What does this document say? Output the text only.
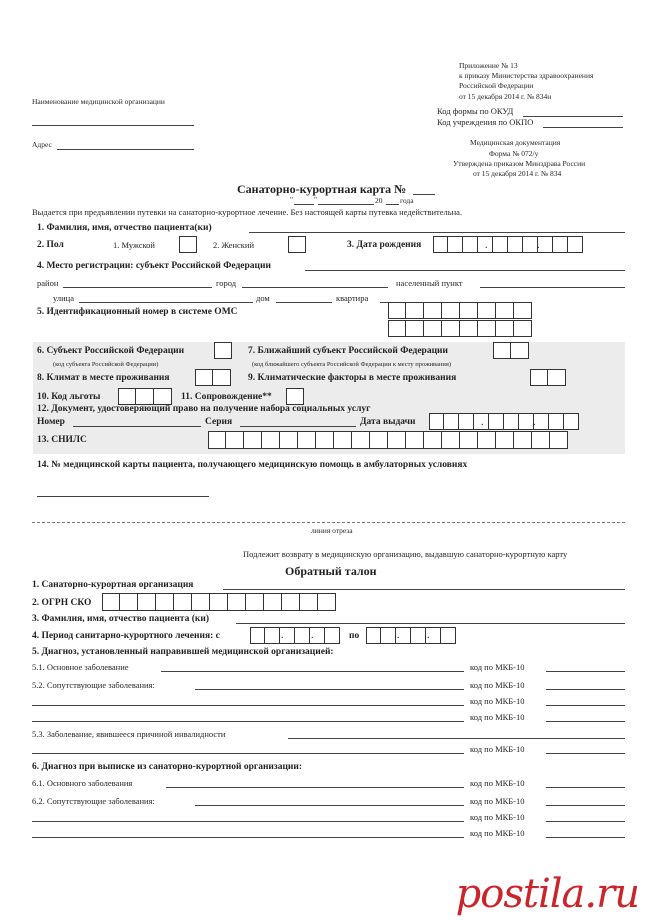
Приложение № 13
к приказу Министерства здравоохранения
Российской Федерации
от 15 декабря 2014 г. № 834н
Код формы по ОКУД
Код учреждения по ОКПО
Медицинская документация
Форма № 072/у
Утверждена приказом Минздрава России
от 15 декабря 2014 г. № 834
Наименование медицинской организации
Адрес
Санаторно-курортная карта №
"	"	20 года
Выдается при предъявлении путевки на санаторно-курортное лечение. Без настоящей карты путевка недействительна.
1. Фамилия, имя, отчество пациента(ки)
2. Пол	1. Мужской	2. Женский	3. Дата рождения	.	.
4. Место регистрации: субъект Российской Федерации
район	город	населенный пункт
улица	дом	квартира
5. Идентификационный номер в системе ОМС
6. Субъект Российской Федерации
(код субъекта Российской Федерации)
7. Ближайший субъект Российской Федерации
(код ближайшего субъекта Российской Федерации к месту проживания)
8. Климат в месте проживания	9. Климатические факторы в месте проживания
10. Код льготы	11. Сопровождение**
12. Документ, удостоверяющий право на получение набора социальных услуг
Номер	Серия	Дата выдачи	.	.
13. СНИЛС
14. № медицинской карты пациента, получающего медицинскую помощь в амбулаторных условиях
линия отреза
Подлежит возврату в медицинскую организацию, выдавшую санаторно-курортную карту
Обратный талон
1. Санаторно-курортная организация
2. ОГРН СКО
3. Фамилия, имя, отчество пациента (ки)
4. Период санитарно-курортного лечения: с	.	.	по	.	.
5. Диагноз, установленный направившей медицинской организацией:
5.1. Основное заболевание	код по МКБ-10
5.2. Сопутствующие заболевания:	код по МКБ-10
код по МКБ-10
код по МКБ-10
5.3. Заболевание, явившееся причиной инвалидности
код по МКБ-10
6. Диагноз при выписке из санаторно-курортной организации:
6.1. Основного заболевания	код по МКБ-10
6.2. Сопутствующие заболевания:	код по МКБ-10
код по МКБ-10
код по МКБ-10
postila.ru
